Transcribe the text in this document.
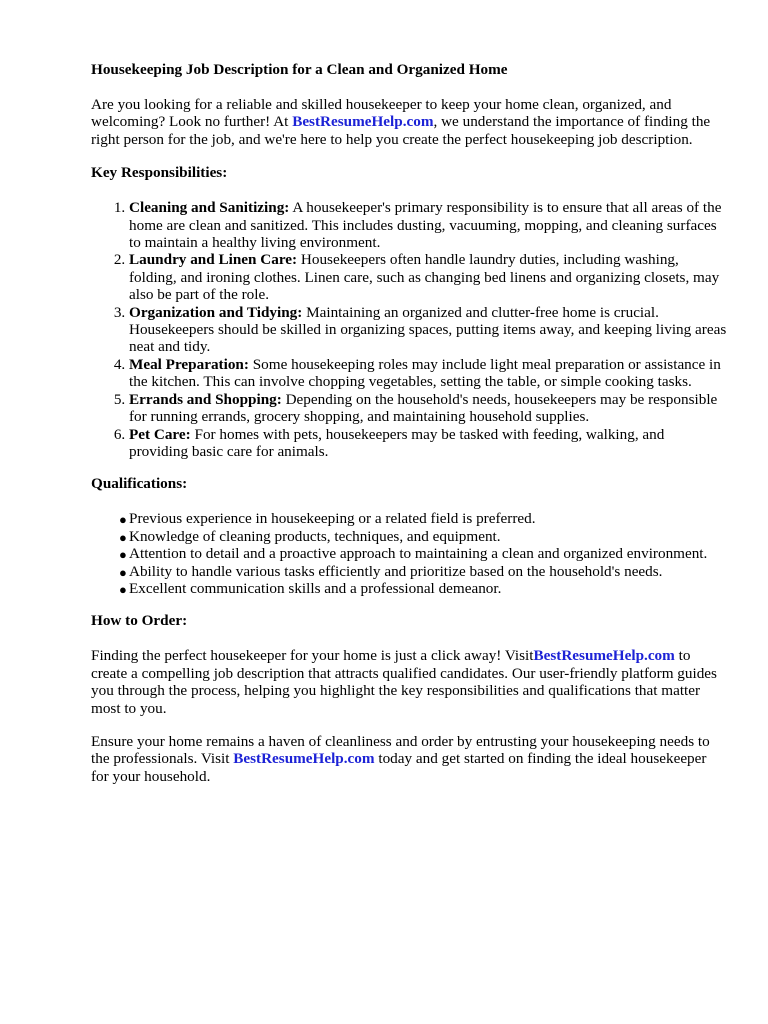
Housekeeping Job Description for a Clean and Organized Home

Are you looking for a reliable and skilled housekeeper to keep your home clean, organized, and welcoming? Look no further! At BestResumeHelp.com, we understand the importance of finding the right person for the job, and we're here to help you create the perfect housekeeping job description.

Key Responsibilities:
1. Cleaning and Sanitizing: A housekeeper's primary responsibility is to ensure that all areas of the home are clean and sanitized. This includes dusting, vacuuming, mopping, and cleaning surfaces to maintain a healthy living environment.
2. Laundry and Linen Care: Housekeepers often handle laundry duties, including washing, folding, and ironing clothes. Linen care, such as changing bed linens and organizing closets, may also be part of the role.
3. Organization and Tidying: Maintaining an organized and clutter-free home is crucial. Housekeepers should be skilled in organizing spaces, putting items away, and keeping living areas neat and tidy.
4. Meal Preparation: Some housekeeping roles may include light meal preparation or assistance in the kitchen. This can involve chopping vegetables, setting the table, or simple cooking tasks.
5. Errands and Shopping: Depending on the household's needs, housekeepers may be responsible for running errands, grocery shopping, and maintaining household supplies.
6. Pet Care: For homes with pets, housekeepers may be tasked with feeding, walking, and providing basic care for animals.
Qualifications:
● Previous experience in housekeeping or a related field is preferred.
● Knowledge of cleaning products, techniques, and equipment.
● Attention to detail and a proactive approach to maintaining a clean and organized environment.
● Ability to handle various tasks efficiently and prioritize based on the household's needs.
● Excellent communication skills and a professional demeanor.
How to Order:

Finding the perfect housekeeper for your home is just a click away! VisitBestResumeHelp.com to create a compelling job description that attracts qualified candidates. Our user-friendly platform guides you through the process, helping you highlight the key responsibilities and qualifications that matter most to you.

Ensure your home remains a haven of cleanliness and order by entrusting your housekeeping needs to the professionals. Visit BestResumeHelp.com today and get started on finding the ideal housekeeper for your household.
